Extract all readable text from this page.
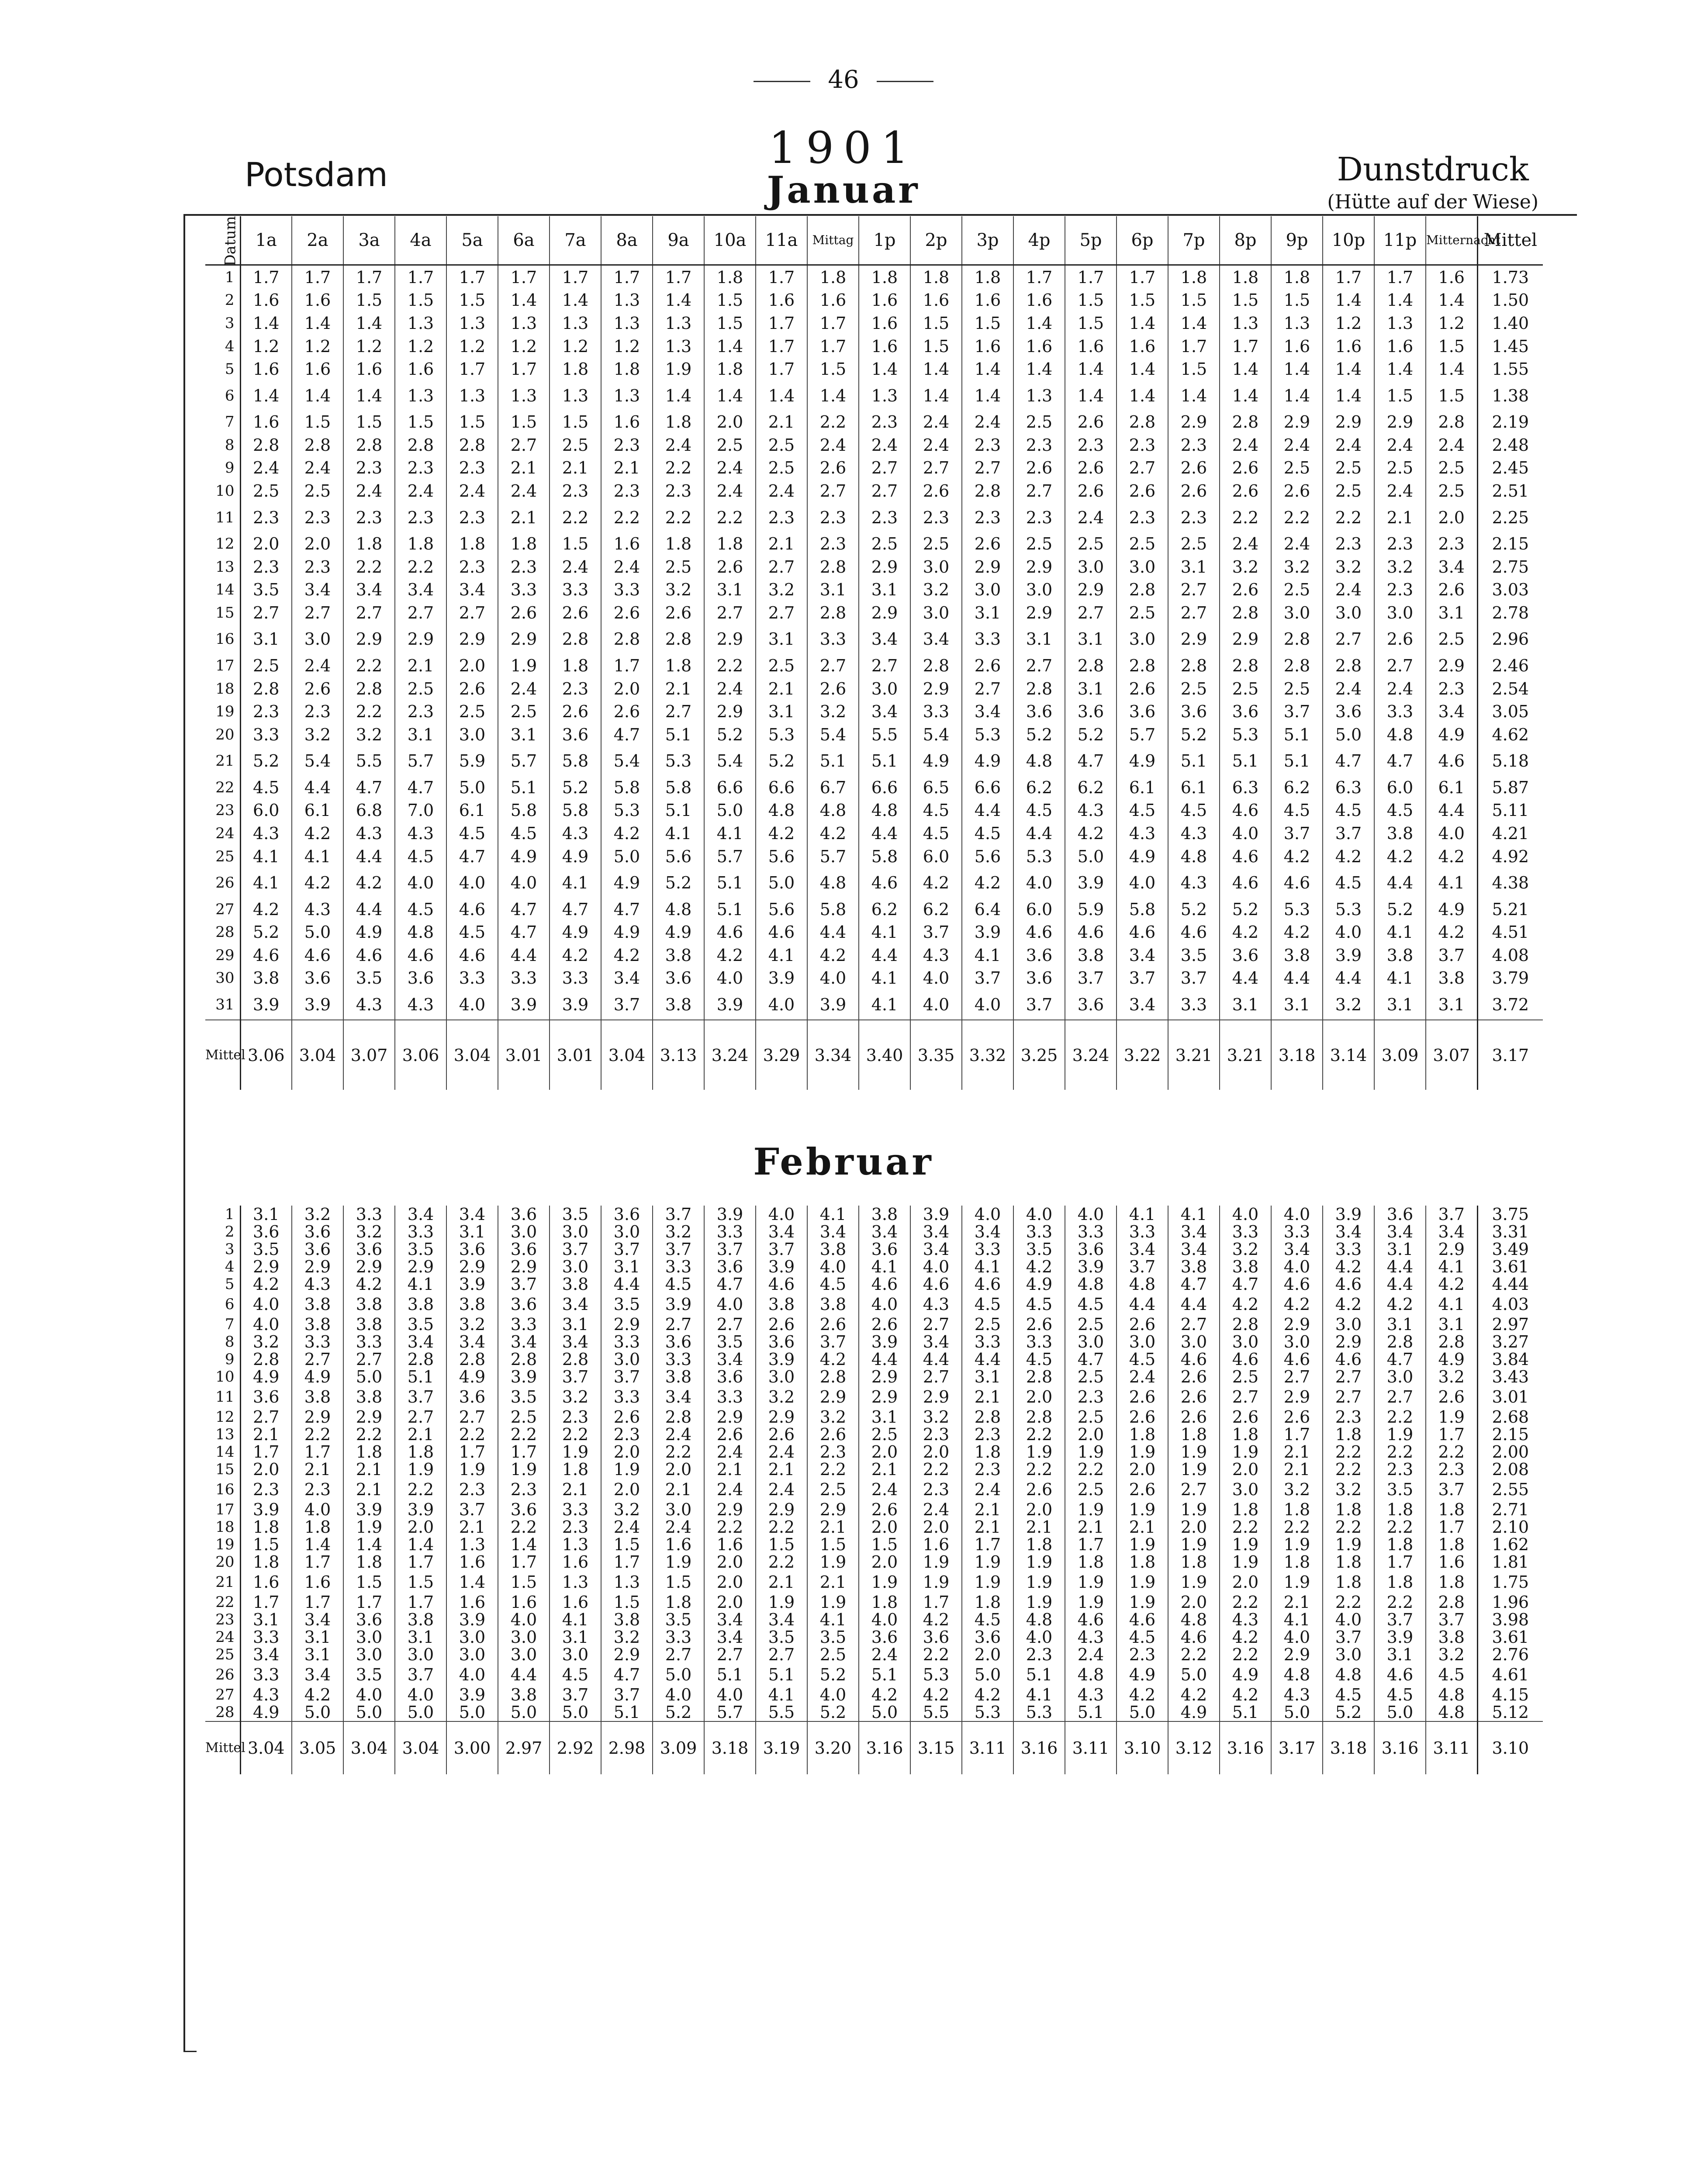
46
1901
Potsdam	Dunstdruck
(Hütte auf der Wiese)
Januar
Februar
Datum	1a	2a	3a	4a	5a	6a	7a	8a	9a	10a	11a	Mittag	1p	2p	3p	4p	5p	6p	7p	8p	9p	10p	11p	Mitternacht	Mittel
1	1.7	1.7	1.7	1.7	1.7	1.7	1.7	1.7	1.7	1.8	1.7	1.8	1.8	1.8	1.8	1.7	1.7	1.7	1.8	1.8	1.8	1.7	1.7	1.6	1.73
2	1.6	1.6	1.5	1.5	1.5	1.4	1.4	1.3	1.4	1.5	1.6	1.6	1.6	1.6	1.6	1.6	1.5	1.5	1.5	1.5	1.5	1.4	1.4	1.4	1.50
3	1.4	1.4	1.4	1.3	1.3	1.3	1.3	1.3	1.3	1.5	1.7	1.7	1.6	1.5	1.5	1.4	1.5	1.4	1.4	1.3	1.3	1.2	1.3	1.2	1.40
4	1.2	1.2	1.2	1.2	1.2	1.2	1.2	1.2	1.3	1.4	1.7	1.7	1.6	1.5	1.6	1.6	1.6	1.6	1.7	1.7	1.6	1.6	1.6	1.5	1.45
5	1.6	1.6	1.6	1.6	1.7	1.7	1.8	1.8	1.9	1.8	1.7	1.5	1.4	1.4	1.4	1.4	1.4	1.4	1.5	1.4	1.4	1.4	1.4	1.4	1.55
6	1.4	1.4	1.4	1.3	1.3	1.3	1.3	1.3	1.4	1.4	1.4	1.4	1.3	1.4	1.4	1.3	1.4	1.4	1.4	1.4	1.4	1.4	1.5	1.5	1.38
7	1.6	1.5	1.5	1.5	1.5	1.5	1.5	1.6	1.8	2.0	2.1	2.2	2.3	2.4	2.4	2.5	2.6	2.8	2.9	2.8	2.9	2.9	2.9	2.8	2.19
8	2.8	2.8	2.8	2.8	2.8	2.7	2.5	2.3	2.4	2.5	2.5	2.4	2.4	2.4	2.3	2.3	2.3	2.3	2.3	2.4	2.4	2.4	2.4	2.4	2.48
9	2.4	2.4	2.3	2.3	2.3	2.1	2.1	2.1	2.2	2.4	2.5	2.6	2.7	2.7	2.7	2.6	2.6	2.7	2.6	2.6	2.5	2.5	2.5	2.5	2.45
10	2.5	2.5	2.4	2.4	2.4	2.4	2.3	2.3	2.3	2.4	2.4	2.7	2.7	2.6	2.8	2.7	2.6	2.6	2.6	2.6	2.6	2.5	2.4	2.5	2.51
11	2.3	2.3	2.3	2.3	2.3	2.1	2.2	2.2	2.2	2.2	2.3	2.3	2.3	2.3	2.3	2.3	2.4	2.3	2.3	2.2	2.2	2.2	2.1	2.0	2.25
12	2.0	2.0	1.8	1.8	1.8	1.8	1.5	1.6	1.8	1.8	2.1	2.3	2.5	2.5	2.6	2.5	2.5	2.5	2.5	2.4	2.4	2.3	2.3	2.3	2.15
13	2.3	2.3	2.2	2.2	2.3	2.3	2.4	2.4	2.5	2.6	2.7	2.8	2.9	3.0	2.9	2.9	3.0	3.0	3.1	3.2	3.2	3.2	3.2	3.4	2.75
14	3.5	3.4	3.4	3.4	3.4	3.3	3.3	3.3	3.2	3.1	3.2	3.1	3.1	3.2	3.0	3.0	2.9	2.8	2.7	2.6	2.5	2.4	2.3	2.6	3.03
15	2.7	2.7	2.7	2.7	2.7	2.6	2.6	2.6	2.6	2.7	2.7	2.8	2.9	3.0	3.1	2.9	2.7	2.5	2.7	2.8	3.0	3.0	3.0	3.1	2.78
16	3.1	3.0	2.9	2.9	2.9	2.9	2.8	2.8	2.8	2.9	3.1	3.3	3.4	3.4	3.3	3.1	3.1	3.0	2.9	2.9	2.8	2.7	2.6	2.5	2.96
17	2.5	2.4	2.2	2.1	2.0	1.9	1.8	1.7	1.8	2.2	2.5	2.7	2.7	2.8	2.6	2.7	2.8	2.8	2.8	2.8	2.8	2.8	2.7	2.9	2.46
18	2.8	2.6	2.8	2.5	2.6	2.4	2.3	2.0	2.1	2.4	2.1	2.6	3.0	2.9	2.7	2.8	3.1	2.6	2.5	2.5	2.5	2.4	2.4	2.3	2.54
19	2.3	2.3	2.2	2.3	2.5	2.5	2.6	2.6	2.7	2.9	3.1	3.2	3.4	3.3	3.4	3.6	3.6	3.6	3.6	3.6	3.7	3.6	3.3	3.4	3.05
20	3.3	3.2	3.2	3.1	3.0	3.1	3.6	4.7	5.1	5.2	5.3	5.4	5.5	5.4	5.3	5.2	5.2	5.7	5.2	5.3	5.1	5.0	4.8	4.9	4.62
21	5.2	5.4	5.5	5.7	5.9	5.7	5.8	5.4	5.3	5.4	5.2	5.1	5.1	4.9	4.9	4.8	4.7	4.9	5.1	5.1	5.1	4.7	4.7	4.6	5.18
22	4.5	4.4	4.7	4.7	5.0	5.1	5.2	5.8	5.8	6.6	6.6	6.7	6.6	6.5	6.6	6.2	6.2	6.1	6.1	6.3	6.2	6.3	6.0	6.1	5.87
23	6.0	6.1	6.8	7.0	6.1	5.8	5.8	5.3	5.1	5.0	4.8	4.8	4.8	4.5	4.4	4.5	4.3	4.5	4.5	4.6	4.5	4.5	4.5	4.4	5.11
24	4.3	4.2	4.3	4.3	4.5	4.5	4.3	4.2	4.1	4.1	4.2	4.2	4.4	4.5	4.5	4.4	4.2	4.3	4.3	4.0	3.7	3.7	3.8	4.0	4.21
25	4.1	4.1	4.4	4.5	4.7	4.9	4.9	5.0	5.6	5.7	5.6	5.7	5.8	6.0	5.6	5.3	5.0	4.9	4.8	4.6	4.2	4.2	4.2	4.2	4.92
26	4.1	4.2	4.2	4.0	4.0	4.0	4.1	4.9	5.2	5.1	5.0	4.8	4.6	4.2	4.2	4.0	3.9	4.0	4.3	4.6	4.6	4.5	4.4	4.1	4.38
27	4.2	4.3	4.4	4.5	4.6	4.7	4.7	4.7	4.8	5.1	5.6	5.8	6.2	6.2	6.4	6.0	5.9	5.8	5.2	5.2	5.3	5.3	5.2	4.9	5.21
28	5.2	5.0	4.9	4.8	4.5	4.7	4.9	4.9	4.9	4.6	4.6	4.4	4.1	3.7	3.9	4.6	4.6	4.6	4.6	4.2	4.2	4.0	4.1	4.2	4.51
29	4.6	4.6	4.6	4.6	4.6	4.4	4.2	4.2	3.8	4.2	4.1	4.2	4.4	4.3	4.1	3.6	3.8	3.4	3.5	3.6	3.8	3.9	3.8	3.7	4.08
30	3.8	3.6	3.5	3.6	3.3	3.3	3.3	3.4	3.6	4.0	3.9	4.0	4.1	4.0	3.7	3.6	3.7	3.7	3.7	4.4	4.4	4.4	4.1	3.8	3.79
31	3.9	3.9	4.3	4.3	4.0	3.9	3.9	3.7	3.8	3.9	4.0	3.9	4.1	4.0	4.0	3.7	3.6	3.4	3.3	3.1	3.1	3.2	3.1	3.1	3.72
Mittel	3.06	3.04	3.07	3.06	3.04	3.01	3.01	3.04	3.13	3.24	3.29	3.34	3.40	3.35	3.32	3.25	3.24	3.22	3.21	3.21	3.18	3.14	3.09	3.07	3.17
1	3.1	3.2	3.3	3.4	3.4	3.6	3.5	3.6	3.7	3.9	4.0	4.1	3.8	3.9	4.0	4.0	4.0	4.1	4.1	4.0	4.0	3.9	3.6	3.7	3.75
2	3.6	3.6	3.2	3.3	3.1	3.0	3.0	3.0	3.2	3.3	3.4	3.4	3.4	3.4	3.4	3.3	3.3	3.3	3.4	3.3	3.3	3.4	3.4	3.4	3.31
3	3.5	3.6	3.6	3.5	3.6	3.6	3.7	3.7	3.7	3.7	3.7	3.8	3.6	3.4	3.3	3.5	3.6	3.4	3.4	3.2	3.4	3.3	3.1	2.9	3.49
4	2.9	2.9	2.9	2.9	2.9	2.9	3.0	3.1	3.3	3.6	3.9	4.0	4.1	4.0	4.1	4.2	3.9	3.7	3.8	3.8	4.0	4.2	4.4	4.1	3.61
5	4.2	4.3	4.2	4.1	3.9	3.7	3.8	4.4	4.5	4.7	4.6	4.5	4.6	4.6	4.6	4.9	4.8	4.8	4.7	4.7	4.6	4.6	4.4	4.2	4.44
6	4.0	3.8	3.8	3.8	3.8	3.6	3.4	3.5	3.9	4.0	3.8	3.8	4.0	4.3	4.5	4.5	4.5	4.4	4.4	4.2	4.2	4.2	4.2	4.1	4.03
7	4.0	3.8	3.8	3.5	3.2	3.3	3.1	2.9	2.7	2.7	2.6	2.6	2.6	2.7	2.5	2.6	2.5	2.6	2.7	2.8	2.9	3.0	3.1	3.1	2.97
8	3.2	3.3	3.3	3.4	3.4	3.4	3.4	3.3	3.6	3.5	3.6	3.7	3.9	3.4	3.3	3.3	3.0	3.0	3.0	3.0	3.0	2.9	2.8	2.8	3.27
9	2.8	2.7	2.7	2.8	2.8	2.8	2.8	3.0	3.3	3.4	3.9	4.2	4.4	4.4	4.4	4.5	4.7	4.5	4.6	4.6	4.6	4.6	4.7	4.9	3.84
10	4.9	4.9	5.0	5.1	4.9	3.9	3.7	3.7	3.8	3.6	3.0	2.8	2.9	2.7	3.1	2.8	2.5	2.4	2.6	2.5	2.7	2.7	3.0	3.2	3.43
11	3.6	3.8	3.8	3.7	3.6	3.5	3.2	3.3	3.4	3.3	3.2	2.9	2.9	2.9	2.1	2.0	2.3	2.6	2.6	2.7	2.9	2.7	2.7	2.6	3.01
12	2.7	2.9	2.9	2.7	2.7	2.5	2.3	2.6	2.8	2.9	2.9	3.2	3.1	3.2	2.8	2.8	2.5	2.6	2.6	2.6	2.6	2.3	2.2	1.9	2.68
13	2.1	2.2	2.2	2.1	2.2	2.2	2.2	2.3	2.4	2.6	2.6	2.6	2.5	2.3	2.3	2.2	2.0	1.8	1.8	1.8	1.7	1.8	1.9	1.7	2.15
14	1.7	1.7	1.8	1.8	1.7	1.7	1.9	2.0	2.2	2.4	2.4	2.3	2.0	2.0	1.8	1.9	1.9	1.9	1.9	1.9	2.1	2.2	2.2	2.2	2.00
15	2.0	2.1	2.1	1.9	1.9	1.9	1.8	1.9	2.0	2.1	2.1	2.2	2.1	2.2	2.3	2.2	2.2	2.0	1.9	2.0	2.1	2.2	2.3	2.3	2.08
16	2.3	2.3	2.1	2.2	2.3	2.3	2.1	2.0	2.1	2.4	2.4	2.5	2.4	2.3	2.4	2.6	2.5	2.6	2.7	3.0	3.2	3.2	3.5	3.7	2.55
17	3.9	4.0	3.9	3.9	3.7	3.6	3.3	3.2	3.0	2.9	2.9	2.9	2.6	2.4	2.1	2.0	1.9	1.9	1.9	1.8	1.8	1.8	1.8	1.8	2.71
18	1.8	1.8	1.9	2.0	2.1	2.2	2.3	2.4	2.4	2.2	2.2	2.1	2.0	2.0	2.1	2.1	2.1	2.1	2.0	2.2	2.2	2.2	2.2	1.7	2.10
19	1.5	1.4	1.4	1.4	1.3	1.4	1.3	1.5	1.6	1.6	1.5	1.5	1.5	1.6	1.7	1.8	1.7	1.9	1.9	1.9	1.9	1.9	1.8	1.8	1.62
20	1.8	1.7	1.8	1.7	1.6	1.7	1.6	1.7	1.9	2.0	2.2	1.9	2.0	1.9	1.9	1.9	1.8	1.8	1.8	1.9	1.8	1.8	1.7	1.6	1.81
21	1.6	1.6	1.5	1.5	1.4	1.5	1.3	1.3	1.5	2.0	2.1	2.1	1.9	1.9	1.9	1.9	1.9	1.9	1.9	2.0	1.9	1.8	1.8	1.8	1.75
22	1.7	1.7	1.7	1.7	1.6	1.6	1.6	1.5	1.8	2.0	1.9	1.9	1.8	1.7	1.8	1.9	1.9	1.9	2.0	2.2	2.1	2.2	2.2	2.8	1.96
23	3.1	3.4	3.6	3.8	3.9	4.0	4.1	3.8	3.5	3.4	3.4	4.1	4.0	4.2	4.5	4.8	4.6	4.6	4.8	4.3	4.1	4.0	3.7	3.7	3.98
24	3.3	3.1	3.0	3.1	3.0	3.0	3.1	3.2	3.3	3.4	3.5	3.5	3.6	3.6	3.6	4.0	4.3	4.5	4.6	4.2	4.0	3.7	3.9	3.8	3.61
25	3.4	3.1	3.0	3.0	3.0	3.0	3.0	2.9	2.7	2.7	2.7	2.5	2.4	2.2	2.0	2.3	2.4	2.3	2.2	2.2	2.9	3.0	3.1	3.2	2.76
26	3.3	3.4	3.5	3.7	4.0	4.4	4.5	4.7	5.0	5.1	5.1	5.2	5.1	5.3	5.0	5.1	4.8	4.9	5.0	4.9	4.8	4.8	4.6	4.5	4.61
27	4.3	4.2	4.0	4.0	3.9	3.8	3.7	3.7	4.0	4.0	4.1	4.0	4.2	4.2	4.2	4.1	4.3	4.2	4.2	4.2	4.3	4.5	4.5	4.8	4.15
28	4.9	5.0	5.0	5.0	5.0	5.0	5.0	5.1	5.2	5.7	5.5	5.2	5.0	5.5	5.3	5.3	5.1	5.0	4.9	5.1	5.0	5.2	5.0	4.8	5.12
Mittel	3.04	3.05	3.04	3.04	3.00	2.97	2.92	2.98	3.09	3.18	3.19	3.20	3.16	3.15	3.11	3.16	3.11	3.10	3.12	3.16	3.17	3.18	3.16	3.11	3.10
